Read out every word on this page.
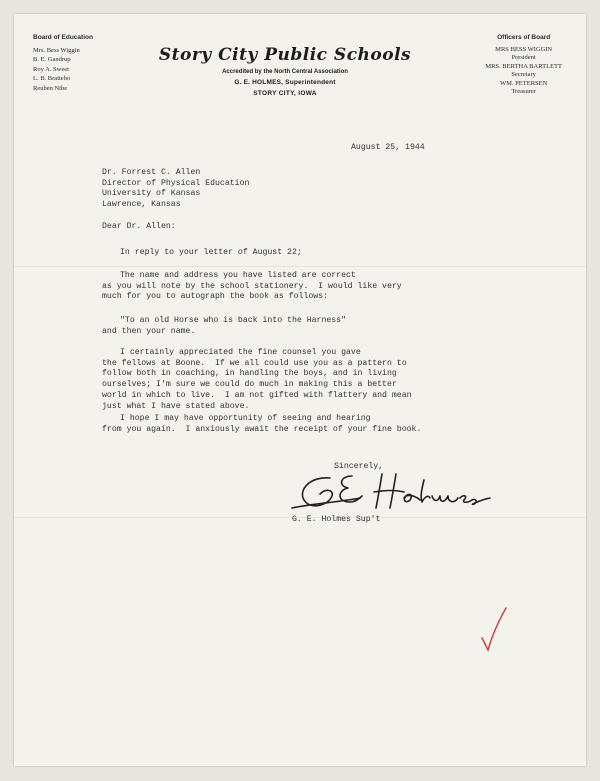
Board of Education
Mrs. Bess Wiggin
B. E. Gandrup
Roy A. Sweet
L. B. Brattebo
Reuben Nibe
Story City Public Schools
Accredited by the North Central Association
G. E. HOLMES, Superintendent
STORY CITY, IOWA
Officers of Board
MRS BESS WIGGIN
President
MRS. BERTHA BARTLETT
Secretary
WM. PETERSEN
Treasurer
August 25, 1944
Dr. Forrest C. Allen
Director of Physical Education
University of Kansas
Lawrence, Kansas
Dear Dr. Allen:
In reply to your letter of August 22;
The name and address you have listed are correct
as you will note by the school stationery.  I would like very
much for you to autograph the book as follows:
"To an old Horse who is back into the Harness"
and then your name.
I certainly appreciated the fine counsel you gave
the fellows at Boone.  If we all could use you as a pattern to
follow both in coaching, in handling the boys, and in living
ourselves; I'm sure we could do much in making this a better
world in which to live.  I am not gifted with flattery and mean
just what I have stated above.
I hope I may have opportunity of seeing and hearing
from you again.  I anxiously await the receipt of your fine book.
Sincerely,
G. E. Holmes Sup't
